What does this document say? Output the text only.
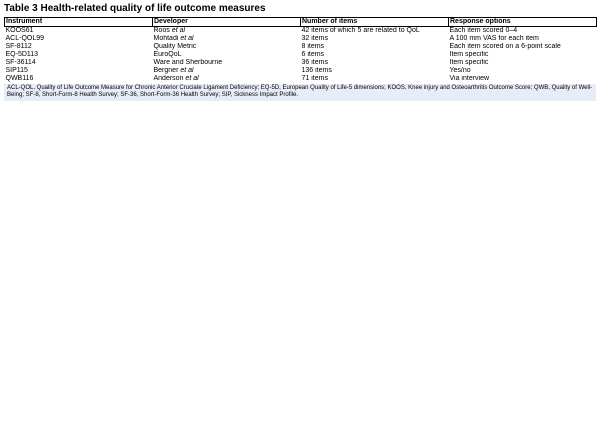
Table 3 Health-related quality of life outcome measures
Instrument	Developer	Number of items	Response options
KOOS61	Roos et al	42 items of which 5 are related to QoL	Each item scored 0–4
ACL-QOL99	Mohtadi et al	32 items	A 100 mm VAS for each item
SF-8112	Quality Metric	8 items	Each item scored on a 6-point scale
EQ-5D113	EuroQoL	6 items	Item specific
SF-36114	Ware and Sherbourne	36 items	Item specific
SIP115	Bergner et al	136 items	Yes/no
QWB116	Anderson et al	71 items	Via interview
ACL-QOL, Quality of Life Outcome Measure for Chronic Anterior Cruciate Ligament Deficiency; EQ-5D, European Quality of Life-5 dimensions; KOOS, Knee injury and Osteoarthritis Outcome Score; QWB, Quality of Well-Being; SF-8, Short-Form-8 Health Survey; SF-36, Short-Form-36 Health Survey; SIP, Sickness Impact Profile.
